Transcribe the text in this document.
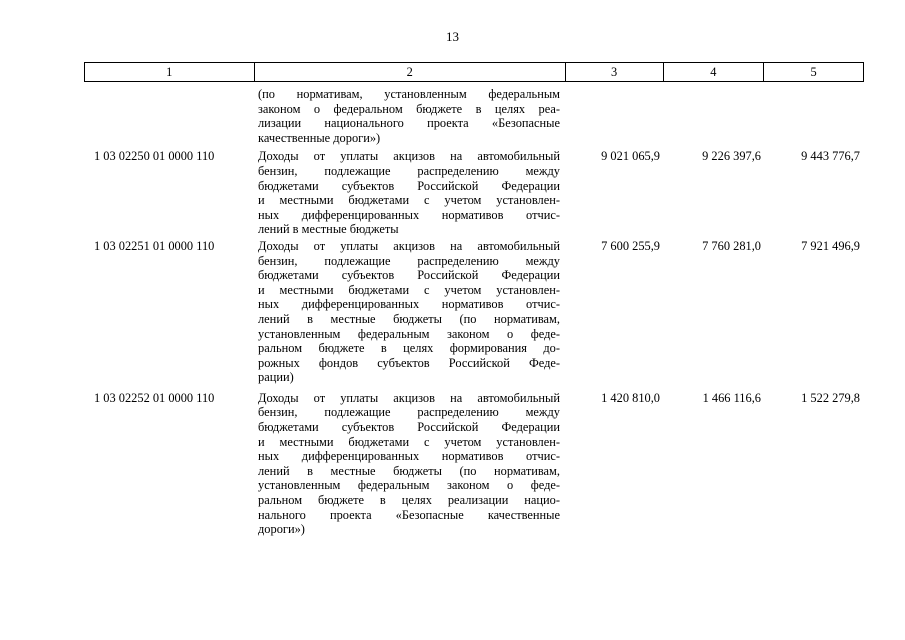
13
1	2	3	4	5
(по нормативам, установленным федеральным
законом о федеральном бюджете в целях реа-
лизации национального проекта «Безопасные
качественные дороги»)
1 03 02250 01 0000 110	Доходы от уплаты акцизов на автомобильный
бензин, подлежащие распределению между
бюджетами субъектов Российской Федерации
и местными бюджетами с учетом установлен-
ных дифференцированных нормативов отчис-
лений в местные бюджеты
9 021 065,9	9 226 397,6	9 443 776,7
1 03 02251 01 0000 110	Доходы от уплаты акцизов на автомобильный
бензин, подлежащие распределению между
бюджетами субъектов Российской Федерации
и местными бюджетами с учетом установлен-
ных дифференцированных нормативов отчис-
лений в местные бюджеты (по нормативам,
установленным федеральным законом о феде-
ральном бюджете в целях формирования до-
рожных фондов субъектов Российской Феде-
рации)
7 600 255,9	7 760 281,0	7 921 496,9
1 03 02252 01 0000 110	Доходы от уплаты акцизов на автомобильный
бензин, подлежащие распределению между
бюджетами субъектов Российской Федерации
и местными бюджетами с учетом установлен-
ных дифференцированных нормативов отчис-
лений в местные бюджеты (по нормативам,
установленным федеральным законом о феде-
ральном бюджете в целях реализации нацио-
нального проекта «Безопасные качественные
дороги»)
1 420 810,0	1 466 116,6	1 522 279,8
